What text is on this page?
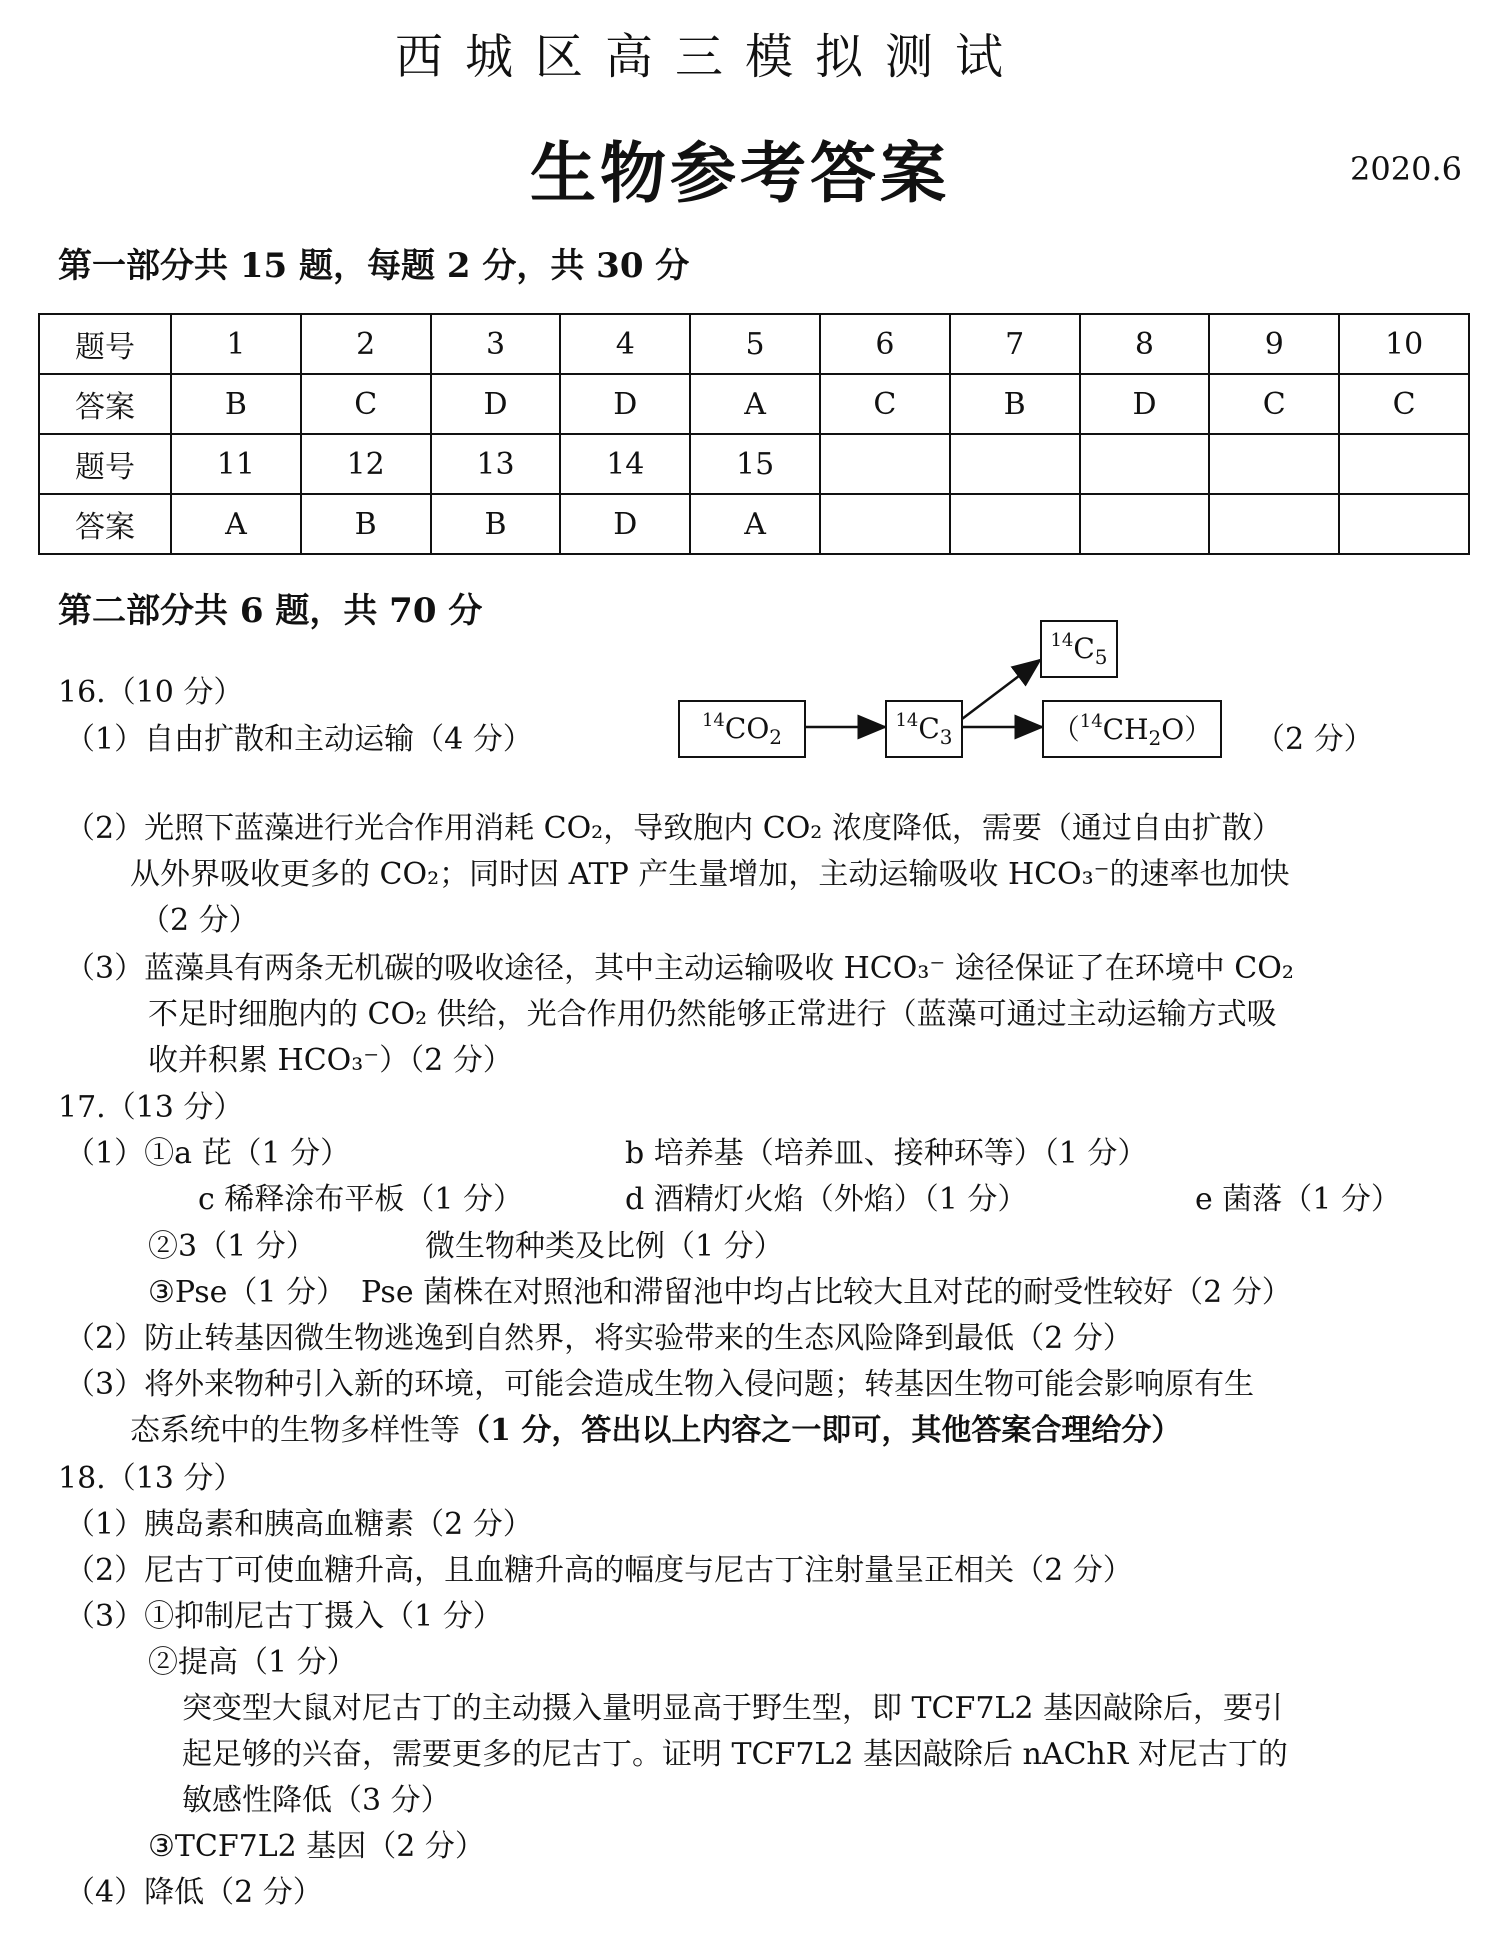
西城区高三模拟测试
生物参考答案	2020.6
第一部分共 15 题，每题 2 分，共 30 分
题号	1	2	3	4	5	6	7	8	9	10
答案	B	C	D	D	A	C	B	D	C	C
题号	11	12	13	14	15					
答案	A	B	B	D	A					
第二部分共 6 题，共 70 分
16.（10 分）
（1）自由扩散和主动运输（4 分）
$^{14}CO_2$
$^{14}C_3$
$^{14}C_5$
$(^{14}CH_2O)$ （2 分）
（2）光照下蓝藻进行光合作用消耗 CO₂，导致胞内 CO₂ 浓度降低，需要（通过自由扩散）
从外界吸收更多的 CO₂；同时因 ATP 产生量增加，主动运输吸收 HCO₃⁻的速率也加快
（2 分）
（3）蓝藻具有两条无机碳的吸收途径，其中主动运输吸收 HCO₃⁻ 途径保证了在环境中 CO₂
不足时细胞内的 CO₂ 供给，光合作用仍然能够正常进行（蓝藻可通过主动运输方式吸
收并积累 HCO₃⁻）（2 分）
17.（13 分）
（1）①a 芘（1 分）	b 培养基（培养皿、接种环等）（1 分）
c 稀释涂布平板（1 分）	d 酒精灯火焰（外焰）（1 分）	e 菌落（1 分）
②3（1 分）	微生物种类及比例（1 分）
③Pse（1 分）　Pse 菌株在对照池和滞留池中均占比较大且对芘的耐受性较好（2 分）
（2）防止转基因微生物逃逸到自然界，将实验带来的生态风险降到最低（2 分）
（3）将外来物种引入新的环境，可能会造成生物入侵问题；转基因生物可能会影响原有生
态系统中的生物多样性等（1 分，答出以上内容之一即可，其他答案合理给分）
18.（13 分）
（1）胰岛素和胰高血糖素（2 分）
（2）尼古丁可使血糖升高，且血糖升高的幅度与尼古丁注射量呈正相关（2 分）
（3）①抑制尼古丁摄入（1 分）
②提高（1 分）
突变型大鼠对尼古丁的主动摄入量明显高于野生型，即 TCF7L2 基因敲除后，要引
起足够的兴奋，需要更多的尼古丁。证明 TCF7L2 基因敲除后 nAChR 对尼古丁的
敏感性降低（3 分）
③TCF7L2 基因（2 分）
（4）降低（2 分）
